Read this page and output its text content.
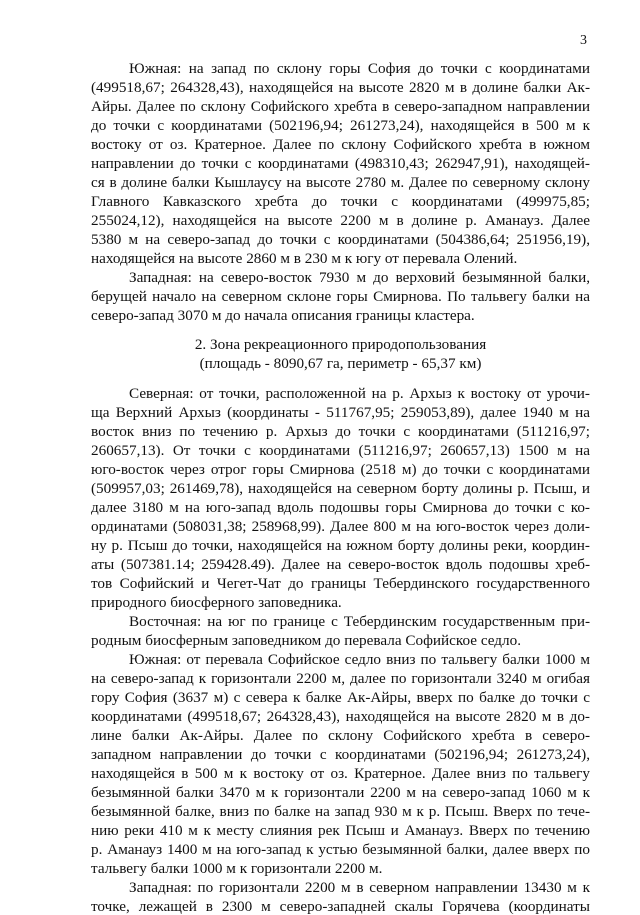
3
Южная: на запад по склону горы София до точки с координатами
(499518,67; 264328,43), находящейся на высоте 2820 м в долине балки Ак-
Айры. Далее по склону Софийского хребта в северо-западном направлении
до точки с координатами (502196,94; 261273,24), находящейся в 500 м к
востоку от оз. Кратерное. Далее по склону Софийского хребта в южном
направлении до точки с координатами (498310,43; 262947,91), находящей-
ся в долине балки Кышлаусу на высоте 2780 м. Далее по северному склону
Главного Кавказского хребта до точки с координатами (499975,85;
255024,12), находящейся на высоте 2200 м в долине р. Аманауз. Далее
5380 м на северо-запад до точки с координатами (504386,64; 251956,19),
находящейся на высоте 2860 м в 230 м к югу от перевала Олений.
Западная: на северо-восток 7930 м до верховий безымянной балки,
берущей начало на северном склоне горы Смирнова. По тальвегу балки на
северо-запад 3070 м до начала описания границы кластера.
2. Зона рекреационного природопользования
(площадь - 8090,67 га, периметр - 65,37 км)
Северная: от точки, расположенной на р. Архыз к востоку от урочи-
ща Верхний Архыз (координаты - 511767,95; 259053,89), далее 1940 м на
восток вниз по течению р. Архыз до точки с координатами (511216,97;
260657,13). От точки с координатами (511216,97; 260657,13) 1500 м на
юго-восток через отрог горы Смирнова (2518 м) до точки с координатами
(509957,03; 261469,78), находящейся на северном борту долины р. Псыш, и
далее 3180 м на юго-запад вдоль подошвы горы Смирнова до точки с ко-
ординатами (508031,38; 258968,99). Далее 800 м на юго-восток через доли-
ну р. Псыш до точки, находящейся на южном борту долины реки, координ-
аты (507381.14; 259428.49). Далее на северо-восток вдоль подошвы хреб-
тов Софийский и Чегет-Чат до границы Тебердинского государственного
природного биосферного заповедника.
Восточная: на юг по границе с Тебердинским государственным при-
родным биосферным заповедником до перевала Софийское седло.
Южная: от перевала Софийское седло вниз по тальвегу балки 1000 м
на северо-запад к горизонтали 2200 м, далее по горизонтали 3240 м огибая
гору София (3637 м) с севера к балке Ак-Айры, вверх по балке до точки с
координатами (499518,67; 264328,43), находящейся на высоте 2820 м в до-
лине балки Ак-Айры. Далее по склону Софийского хребта в северо-
западном направлении до точки с координатами (502196,94; 261273,24),
находящейся в 500 м к востоку от оз. Кратерное. Далее вниз по тальвегу
безымянной балки 3470 м к горизонтали 2200 м на северо-запад 1060 м к
безымянной балке, вниз по балке на запад 930 м к р. Псыш. Вверх по тече-
нию реки 410 м к месту слияния рек Псыш и Аманауз. Вверх по течению
р. Аманауз 1400 м на юго-запад к устью безымянной балки, далее вверх по
тальвегу балки 1000 м к горизонтали 2200 м.
Западная: по горизонтали 2200 м в северном направлении 13430 м к
точке, лежащей в 2300 м северо-западней скалы Горячева (координаты
